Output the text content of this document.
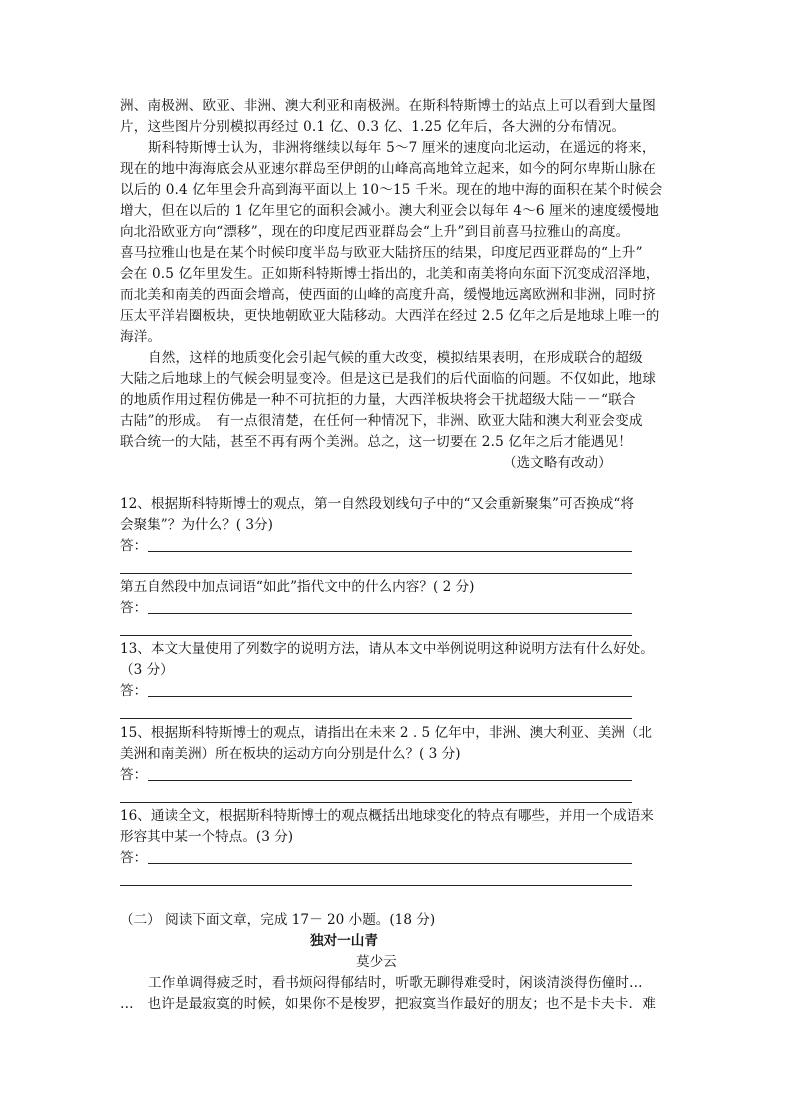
洲、南极洲、欧亚、非洲、澳大利亚和南极洲。在斯科特斯博士的站点上可以看到大量图
片，这些图片分别模拟再经过 0.1 亿、0.3 亿、1.25 亿年后，各大洲的分布情况。
斯科特斯博士认为，非洲将继续以每年 5～7 厘米的速度向北运动，在遥远的将来，
现在的地中海海底会从亚速尔群岛至伊朗的山峰高高地耸立起来，如今的阿尔卑斯山脉在
以后的 0.4 亿年里会升高到海平面以上 10～15 千米。现在的地中海的面积在某个时候会
增大，但在以后的 1 亿年里它的面积会减小。澳大利亚会以每年 4～6 厘米的速度缓慢地
向北沿欧亚方向“漂移”，现在的印度尼西亚群岛会“上升”到目前喜马拉雅山的高度。
喜马拉雅山也是在某个时候印度半岛与欧亚大陆挤压的结果，印度尼西亚群岛的“上升”
会在 0.5 亿年里发生。正如斯科特斯博士指出的，北美和南美将向东面下沉变成沼泽地，
而北美和南美的西面会增高，使西面的山峰的高度升高，缓慢地远离欧洲和非洲，同时挤
压太平洋岩圈板块，更快地朝欧亚大陆移动。大西洋在经过 2.5 亿年之后是地球上唯一的
海洋。
自然，这样的地质变化会引起气候的重大改变，模拟结果表明，在形成联合的超级
大陆之后地球上的气候会明显变冷。但是这已是我们的后代面临的问题。不仅如此，地球
的地质作用过程仿佛是一种不可抗拒的力量，大西洋板块将会干扰超级大陆－－“联合
古陆”的形成。　有一点很清楚，在任何一种情况下，非洲、欧亚大陆和澳大利亚会变成
联合统一的大陆，甚至不再有两个美洲。总之，这一切要在 2.5 亿年之后才能遇见！
（选文略有改动）
12、根据斯科特斯博士的观点，第一自然段划线句子中的“又会重新聚集”可否换成“将
会聚集”？为什么？( 3分)
答：
第五自然段中加点词语“如此”指代文中的什么内容？( 2 分)
答：
13、本文大量使用了列数字的说明方法，请从本文中举例说明这种说明方法有什么好处。
（3 分）
答：
15、根据斯科特斯博士的观点，请指出在未来 2 . 5 亿年中，非洲、澳大利亚、美洲（北
美洲和南美洲）所在板块的运动方向分别是什么？( 3 分)
答：
16、通读全文，根据斯科特斯博士的观点概括出地球变化的特点有哪些，并用一个成语来
形容其中某一个特点。(3 分)
答：
（二） 阅读下面文章，完成 17－ 20 小题。(18 分)
独对一山青
莫少云
工作单调得疲乏时，看书烦闷得郁结时，听歌无聊得难受时，闲谈清淡得伤僮时…
…　也许是最寂寞的时候，如果你不是梭罗，把寂寞当作最好的朋友；也不是卡夫卡．难
